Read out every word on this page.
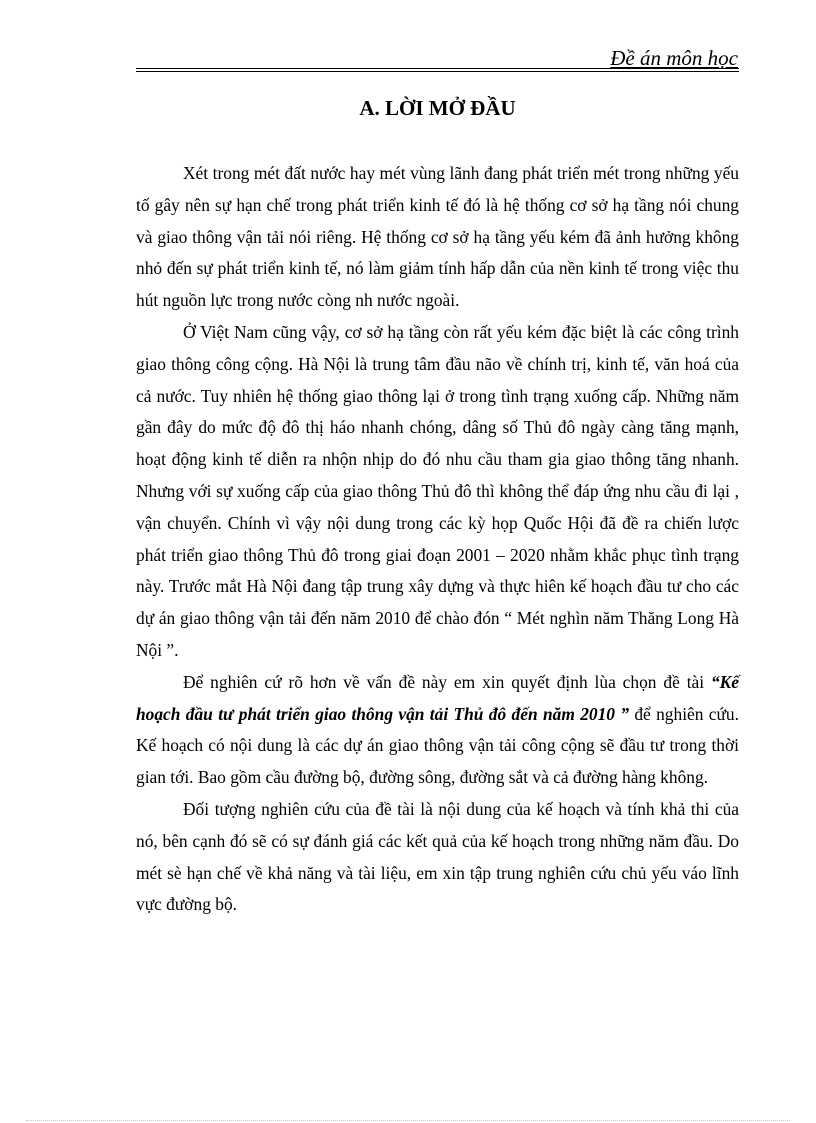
Đề án môn học
A. LỜI MỞ ĐẦU

Xét trong mét đất nước hay mét vùng lãnh đang phát triển mét trong những yếu tố gây nên sự hạn chế trong phát triển kinh tế đó là hệ thống cơ sở hạ tầng nói chung và giao thông vận tải nói riêng. Hệ thống cơ sở hạ tầng yếu kém đã ảnh hưởng không nhỏ đến sự phát triển kinh tế, nó làm giảm tính hấp dẫn của nền kinh tế trong việc thu hút nguồn lực trong nước còng nh nước ngoài.

Ở Việt Nam cũng vậy, cơ sở hạ tầng còn rất yếu kém đặc biệt là các công trình giao thông công cộng. Hà Nội là trung tâm đầu não về chính trị, kinh tế, văn hoá của cả nước. Tuy nhiên hệ thống giao thông lại ở trong tình trạng xuống cấp. Những năm gần đây do mức độ đô thị háo nhanh chóng, dâng số Thủ đô ngày càng tăng mạnh, hoạt động kinh tế diễn ra nhộn nhịp do đó nhu cầu tham gia giao thông tăng nhanh. Nhưng với sự xuống cấp của giao thông Thủ đô thì không thể đáp ứng nhu cầu đi lại , vận chuyển. Chính vì vậy nội dung trong các kỳ họp Quốc Hội đã đề ra chiến lược phát triển giao thông Thủ đô trong giai đoạn 2001 – 2020 nhằm khắc phục tình trạng này. Trước mắt Hà Nội đang tập trung xây dựng và thực hiên kế hoạch đầu tư cho các dự án giao thông vận tải đến năm 2010 để chào đón “ Mét nghìn năm Thăng Long Hà Nội ”.

Để nghiên cứ rõ hơn về vấn đề này em xin quyết định lùa chọn đề tài “Kế hoạch đầu tư phát triển giao thông vận tải Thủ đô đến năm 2010 ” để nghiên cứu. Kế hoạch có nội dung là các dự án giao thông vận tải công cộng sẽ đầu tư trong thời gian tới. Bao gồm cầu đường bộ, đường sông, đường sắt và cả đường hàng không.

Đối tượng nghiên cứu của đề tài là nội dung của kế hoạch và tính khả thi của nó, bên cạnh đó sẽ có sự đánh giá các kết quả của kế hoạch trong những năm đầu. Do mét sè hạn chế về khả năng và tài liệu, em xin tập trung nghiên cứu chủ yếu váo lĩnh vực đường bộ.
